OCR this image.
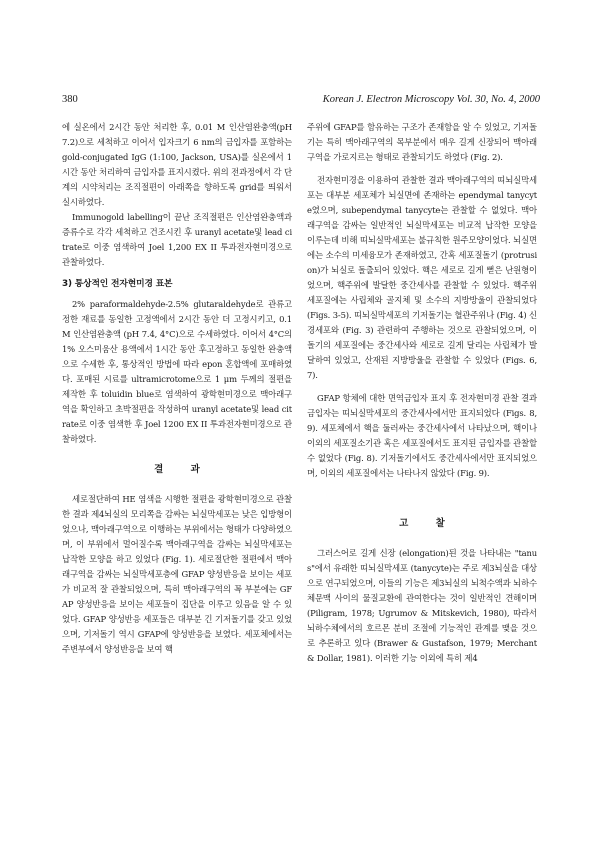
380	Korean J. Electron Microscopy Vol. 30, No. 4, 2000

에 실온에서 2시간 동안 처리한 후, 0.01 M 인산염완충액(pH 7.2)으로 세척하고 이어서 입자크기 6 nm의 금입자를 포함하는 gold-conjugated IgG (1:100, Jackson, USA)를 실온에서 1시간 동안 처리하여 금입자를 표지시켰다. 위의 전과정에서 각 단계의 시약처리는 조직절편이 아래쪽을 향하도록 grid를 띄워서 실시하였다.

Immunogold labelling이 끝난 조직절편은 인산염완충액과 증류수로 각각 세척하고 건조시킨 후 uranyl acetate및 lead citrate로 이중 염색하여 Joel 1,200 EX II 투과전자현미경으로 관찰하였다.

3) 통상적인 전자현미경 표본

2% paraformaldehyde-2.5% glutaraldehyde로 관류고정한 재료를 동일한 고정액에서 2시간 동안 더 고정시키고, 0.1 M 인산염완충액 (pH 7.4, 4°C)으로 수세하였다. 이어서 4°C의 1% 오스미움산 용액에서 1시간 동안 후고정하고 동일한 완충액으로 수세한 후, 통상적인 방법에 따라 epon 혼합액에 포매하였다. 포매된 시료를 ultramicrotome으로 1 μm 두께의 절편을 제작한 후 toluidin blue로 염색하여 광학현미경으로 맥아래구역을 확인하고 초박절편을 작성하여 uranyl acetate및 lead citrate로 이중 염색한 후 Joel 1200 EX II 투과전자현미경으로 관찰하였다.

결 과

세로절단하여 HE 염색을 시행한 절편을 광학현미경으로 관찰한 결과 제4뇌실의 모리쪽을 감싸는 뇌실막세포는 낮은 입방형이었으나, 맥아래구역으로 이행하는 부위에서는 형태가 다양하였으며, 이 부위에서 멀어질수록 맥아래구역을 감싸는 뇌실막세포는 납작한 모양을 하고 있었다 (Fig. 1). 세로절단한 절편에서 맥아래구역을 감싸는 뇌실막세포층에 GFAP 양성반응을 보이는 세포가 비교적 잘 관찰되었으며, 특히 맥아래구역의 꼭 부분에는 GFAP 양성반응을 보이는 세포들이 집단을 이루고 있음을 알 수 있었다. GFAP 양성반응 세포들은 대부분 긴 기저돌기를 갖고 있었으며, 기저돌기 역시 GFAP에 양성반응을 보였다. 세포체에서는 주변부에서 양성반응을 보여 핵

주위에 GFAP를 함유하는 구조가 존재함을 알 수 있었고, 기저돌기는 특히 맥아래구역의 목부분에서 매우 길게 신장되어 맥아래구역을 가로지르는 형태로 관찰되기도 하였다 (Fig. 2).

전자현미경을 이용하여 관찰한 결과 맥아래구역의 띠뇌실막세포는 대부분 세포체가 뇌실면에 존재하는 ependymal tanycyte였으며, subependymal tanycyte는 관찰할 수 없었다. 맥아래구역을 감싸는 일반적인 뇌실막세포는 비교적 납작한 모양을 이루는데 비해 띠뇌실막세포는 불규칙한 원주모양이었다. 뇌실면에는 소수의 미세융모가 존재하였고, 간혹 세포질돌기 (protrusion)가 뇌실로 돌출되어 있었다. 핵은 세로로 길게 뻗은 난원형이었으며, 핵주위에 발달한 중간세사를 관찰할 수 있었다. 핵주위 세포질에는 사립체와 골지체 및 소수의 지방방울이 관찰되었다 (Figs. 3-5). 띠뇌실막세포의 기저돌기는 혈관주위나 (Fig. 4) 신경세포와 (Fig. 3) 관련하여 주행하는 것으로 관찰되었으며, 이 돌기의 세포질에는 중간세사와 세로로 길게 달리는 사립체가 발달하여 있었고, 산재된 지방방울을 관찰할 수 있었다 (Figs. 6, 7).

GFAP 항체에 대한 면역금입자 표지 후 전자현미경 관찰 결과 금입자는 띠뇌실막세포의 중간세사에서만 표지되었다 (Figs. 8, 9). 세포체에서 핵을 둘러싸는 중간세사에서 나타났으며, 핵이나 이외의 세포질소기관 혹은 세포질에서도 표지된 금입자를 관찰할 수 없었다 (Fig. 8). 기저돌기에서도 중간세사에서만 표지되었으며, 이외의 세포질에서는 나타나지 않았다 (Fig. 9).

고 찰

그러스어로 길게 신장 (elongation)된 것을 나타내는 "tanus"에서 유래한 띠뇌실막세포 (tanycyte)는 주로 제3뇌실을 대상으로 연구되었으며, 이들의 기능은 제3뇌실의 뇌척수액과 뇌하수체문맥 사이의 물질교환에 관여한다는 것이 일반적인 견해이며 (Piligram, 1978; Ugrumov & Mitskevich, 1980), 따라서 뇌하수체에서의 호르몬 분비 조절에 기능적인 관계를 맺을 것으로 추론하고 있다 (Brawer & Gustafson, 1979; Merchant & Dollar, 1981). 이러한 기능 이외에 특히 제4
